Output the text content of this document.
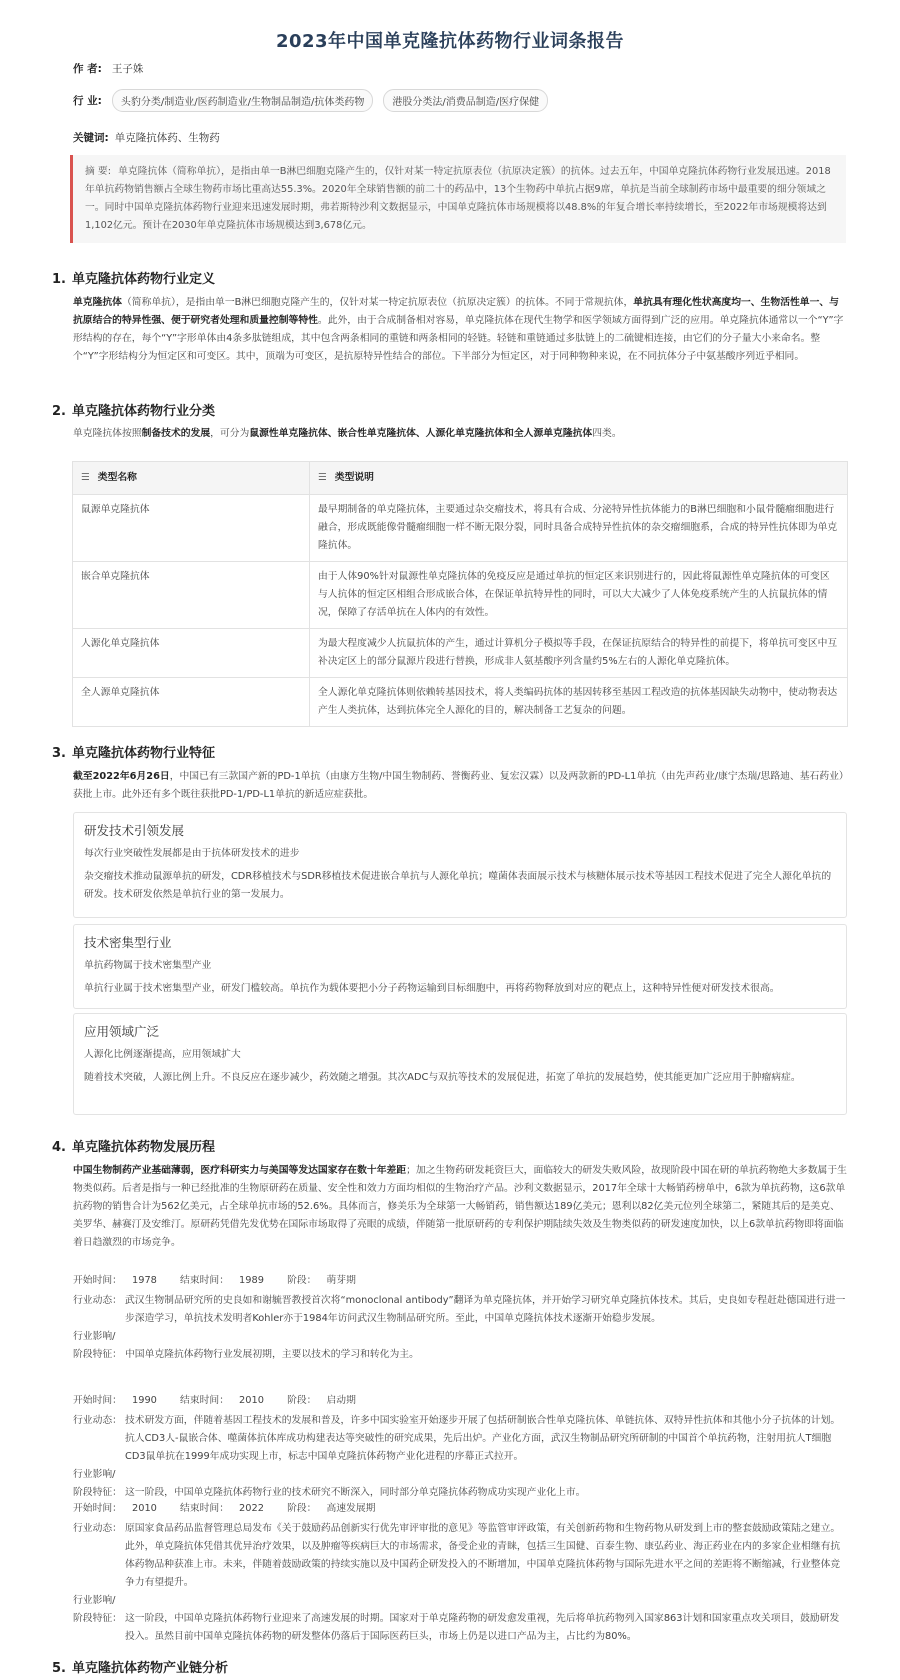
2023年中国单克隆抗体药物行业词条报告
作 者: 王子姝
行 业:	头豹分类/制造业/医药制造业/生物制品制造/抗体类药物	港股分类法/消费品制造/医疗保健
关键词: 单克隆抗体药、生物药
摘 要: 单克隆抗体（简称单抗），是指由单一B淋巴细胞克隆产生的，仅针对某一特定抗原表位（抗原决定簇）的抗体。过去五年，中国单克隆抗体药物行业发展迅速。2018年单抗药物销售额占全球生物药市场比重高达55.3%。2020年全球销售额的前二十的药品中，13个生物药中单抗占据9席，单抗是当前全球制药市场中最重要的细分领域之一。同时中国单克隆抗体药物行业迎来迅速发展时期，弗若斯特沙利文数据显示，中国单克隆抗体市场规模将以48.8%的年复合增长率持续增长，至2022年市场规模将达到1,102亿元。预计在2030年单克隆抗体市场规模达到3,678亿元。
1. 单克隆抗体药物行业定义
单克隆抗体（简称单抗），是指由单一B淋巴细胞克隆产生的，仅针对某一特定抗原表位（抗原决定簇）的抗体。不同于常规抗体，单抗具有理化性状高度均一、生物活性单一、与抗原结合的特异性强、便于研究者处理和质量控制等特性。此外，由于合成制备相对容易，单克隆抗体在现代生物学和医学领域方面得到广泛的应用。单克隆抗体通常以一个“Y”字形结构的存在，每个“Y”字形单体由4条多肽链组成，其中包含两条相同的重链和两条相同的轻链。轻链和重链通过多肽链上的二硫键相连接，由它们的分子量大小来命名。整个“Y”字形结构分为恒定区和可变区。其中，顶端为可变区，是抗原特异性结合的部位。下半部分为恒定区，对于同种物种来说，在不同抗体分子中氨基酸序列近乎相同。
2. 单克隆抗体药物行业分类
单克隆抗体按照制备技术的发展，可分为鼠源性单克隆抗体、嵌合性单克隆抗体、人源化单克隆抗体和全人源单克隆抗体四类。
☰ 类型名称	☰ 类型说明
鼠源单克隆抗体	最早期制备的单克隆抗体，主要通过杂交瘤技术，将具有合成、分泌特异性抗体能力的B淋巴细胞和小鼠骨髓瘤细胞进行融合，形成既能像骨髓瘤细胞一样不断无限分裂，同时具备合成特异性抗体的杂交瘤细胞系，合成的特异性抗体即为单克隆抗体。
嵌合单克隆抗体	由于人体90%针对鼠源性单克隆抗体的免疫反应是通过单抗的恒定区来识别进行的，因此将鼠源性单克隆抗体的可变区与人抗体的恒定区相组合形成嵌合体，在保证单抗特异性的同时，可以大大减少了人体免疫系统产生的人抗鼠抗体的情况，保障了存活单抗在人体内的有效性。
人源化单克隆抗体	为最大程度减少人抗鼠抗体的产生，通过计算机分子模拟等手段，在保证抗原结合的特异性的前提下，将单抗可变区中互补决定区上的部分鼠源片段进行替换，形成非人氨基酸序列含量约5%左右的人源化单克隆抗体。
全人源单克隆抗体	全人源化单克隆抗体则依赖转基因技术，将人类编码抗体的基因转移至基因工程改造的抗体基因缺失动物中，使动物表达产生人类抗体，达到抗体完全人源化的目的，解决制备工艺复杂的问题。
3. 单克隆抗体药物行业特征
截至2022年6月26日，中国已有三款国产新的PD-1单抗（由康方生物/中国生物制药、誉衡药业、复宏汉霖）以及两款新的PD-L1单抗（由先声药业/康宁杰瑞/思路迪、基石药业）获批上市。此外还有多个既往获批PD-1/PD-L1单抗的新适应症获批。
研发技术引领发展
每次行业突破性发展都是由于抗体研发技术的进步
杂交瘤技术推动鼠源单抗的研发，CDR移植技术与SDR移植技术促进嵌合单抗与人源化单抗；噬菌体表面展示技术与核糖体展示技术等基因工程技术促进了完全人源化单抗的研发。技术研发依然是单抗行业的第一发展力。
技术密集型行业
单抗药物属于技术密集型产业
单抗行业属于技术密集型产业，研发门槛较高。单抗作为载体要把小分子药物运输到目标细胞中，再将药物释放到对应的靶点上，这种特异性便对研发技术很高。
应用领域广泛
人源化比例逐渐提高，应用领域扩大
随着技术突破，人源比例上升。不良反应在逐步减少，药效随之增强。其次ADC与双抗等技术的发展促进，拓宽了单抗的发展趋势，使其能更加广泛应用于肿瘤病症。
4. 单克隆抗体药物发展历程
中国生物制药产业基础薄弱，医疗科研实力与美国等发达国家存在数十年差距；加之生物药研发耗资巨大，面临较大的研发失败风险，故现阶段中国在研的单抗药物绝大多数属于生物类似药。后者是指与一种已经批准的生物原研药在质量、安全性和效力方面均相似的生物治疗产品。沙利文数据显示，2017年全球十大畅销药榜单中，6款为单抗药物，这6款单抗药物的销售合计为562亿美元，占全球单抗市场的52.6%。具体而言，修美乐为全球第一大畅销药，销售额达189亿美元；恩利以82亿美元位列全球第二，紧随其后的是美克、美罗华、赫赛汀及安维汀。原研药凭借先发优势在国际市场取得了亮眼的成绩，伴随第一批原研药的专利保护期陆续失效及生物类似药的研发速度加快，以上6款单抗药物即将面临着日趋激烈的市场竞争。
开始时间： 1978 结束时间： 1989 阶段： 萌芽期
行业动态： 武汉生物制品研究所的史良如和谢毓晋教授首次将“monoclonal antibody”翻译为单克隆抗体，并开始学习研究单克隆抗体技术。其后，史良如专程赶赴德国进行进一步深造学习，单抗技术发明者Kohler亦于1984年访问武汉生物制品研究所。至此，中国单克隆抗体技术逐渐开始稳步发展。
行业影响/
阶段特征： 中国单克隆抗体药物行业发展初期，主要以技术的学习和转化为主。
开始时间： 1990 结束时间： 2010 阶段： 启动期
行业动态： 技术研发方面，伴随着基因工程技术的发展和普及，许多中国实验室开始逐步开展了包括研制嵌合性单克隆抗体、单链抗体、双特异性抗体和其他小分子抗体的计划。抗人CD3人-鼠嵌合体、噬菌体抗体库成功构建表达等突破性的研究成果，先后出炉。产业化方面，武汉生物制品研究所研制的中国首个单抗药物，注射用抗人T细胞CD3鼠单抗在1999年成功实现上市，标志中国单克隆抗体药物产业化进程的序幕正式拉开。
行业影响/
阶段特征： 这一阶段，中国单克隆抗体药物行业的技术研究不断深入，同时部分单克隆抗体药物成功实现产业化上市。
开始时间： 2010 结束时间： 2022 阶段： 高速发展期
行业动态： 原国家食品药品监督管理总局发布《关于鼓励药品创新实行优先审评审批的意见》等监管审评政策，有关创新药物和生物药物从研发到上市的整套鼓励政策陆之建立。此外，单克隆抗体凭借其优异治疗效果，以及肿瘤等疾病巨大的市场需求，备受企业的青睐，包括三生国健、百泰生物、康弘药业、海正药业在内的多家企业相继有抗体药物品种获准上市。未来，伴随着鼓励政策的持续实施以及中国药企研发投入的不断增加，中国单克隆抗体药物与国际先进水平之间的差距将不断缩减，行业整体竞争力有望提升。
行业影响/
阶段特征： 这一阶段，中国单克隆抗体药物行业迎来了高速发展的时期。国家对于单克隆药物的研发愈发重视，先后将单抗药物列入国家863计划和国家重点攻关项目，鼓励研发投入。虽然目前中国单克隆抗体药物的研发整体仍落后于国际医药巨头，市场上仍是以进口产品为主，占比约为80%。
5. 单克隆抗体药物产业链分析
